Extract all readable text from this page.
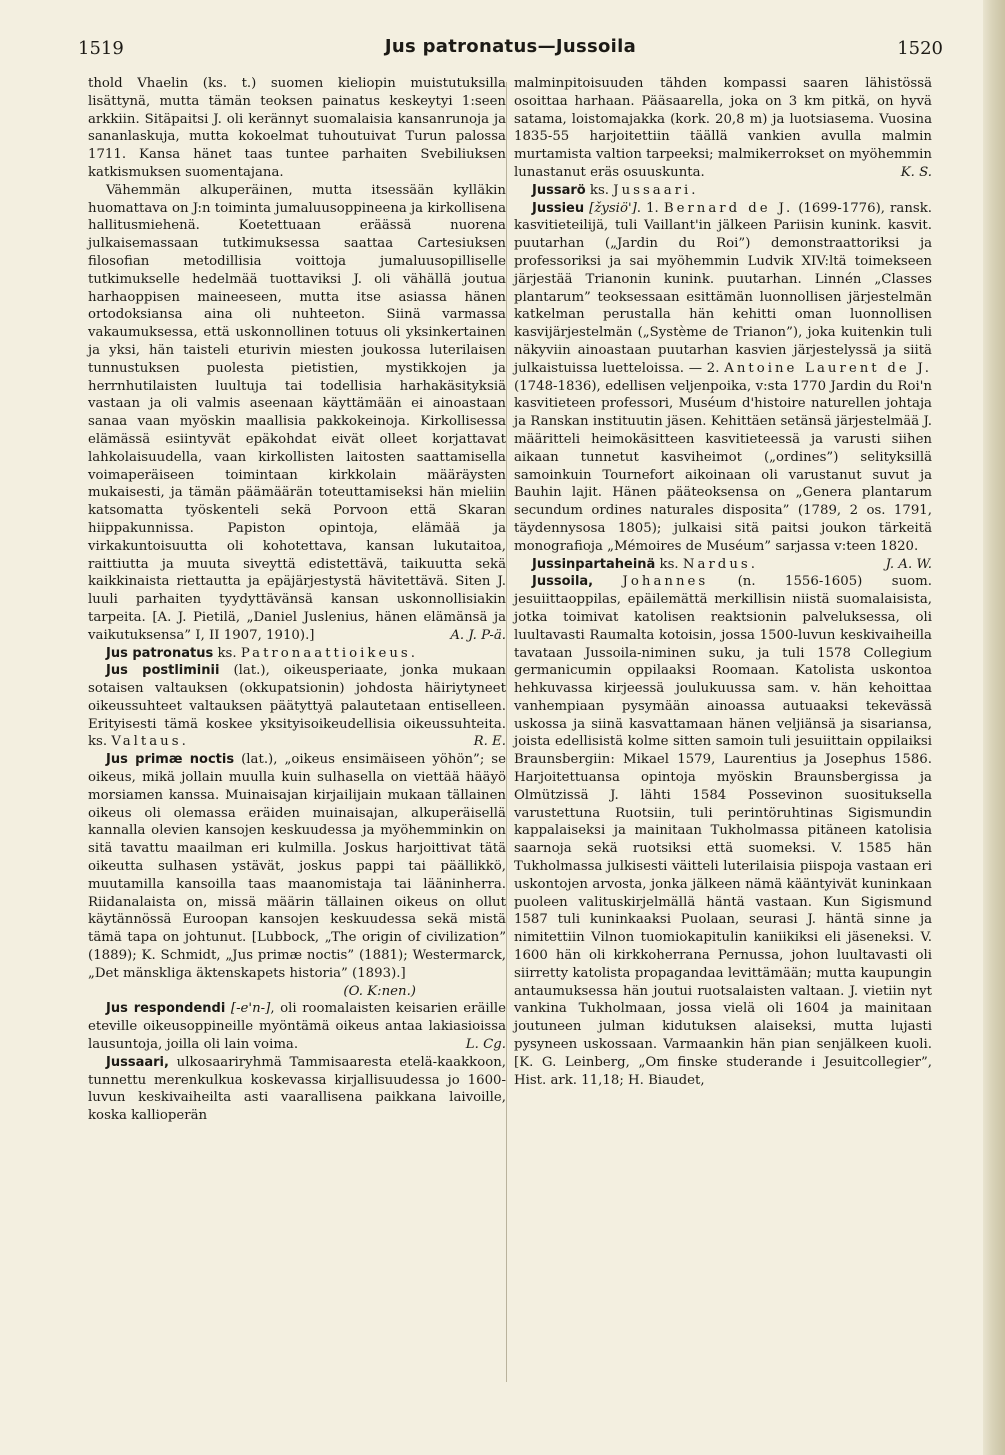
1519	Jus patronatus—Jussoila	1520

thold Vhaelin (ks. t.) suomen kieliopin muistutuksilla lisättynä, mutta tämän teoksen painatus keskeytyi 1:seen arkkiin. Sitäpaitsi J. oli kerännyt suomalaisia kansanrunoja ja sananlaskuja, mutta kokoelmat tuhoutuivat Turun palossa 1711. Kansa hänet taas tuntee parhaiten Svebiliuksen katkismuksen suomentajana.

Vähemmän alkuperäinen, mutta itsessään kylläkin huomattava on J:n toiminta jumaluusoppineena ja kirkollisena hallitusmiehenä. Koetettuaan eräässä nuorena julkaisemassaan tutkimuksessa saattaa Cartesiuksen filosofian metodillisia voittoja jumaluusopilliselle tutkimukselle hedelmää tuottaviksi J. oli vähällä joutua harhaoppisen maineeseen, mutta itse asiassa hänen ortodoksiansa aina oli nuhteeton. Siinä varmassa vakaumuksessa, että uskonnollinen totuus oli yksinkertainen ja yksi, hän taisteli eturivin miesten joukossa luterilaisen tunnustuksen puolesta pietistien, mystikkojen ja herrnhutilaisten luultuja tai todellisia harhakäsityksiä vastaan ja oli valmis aseenaan käyttämään ei ainoastaan sanaa vaan myöskin maallisia pakkokeinoja. Kirkollisessa elämässä esiintyvät epäkohdat eivät olleet korjattavat lahkolaisuudella, vaan kirkollisten laitosten saattamisella voimaperäiseen toimintaan kirkkolain määräysten mukaisesti, ja tämän päämäärän toteuttamiseksi hän mieliin katsomatta työskenteli sekä Porvoon että Skaran hiippakunnissa. Papiston opintoja, elämää ja virkakuntoisuutta oli kohotettava, kansan lukutaitoa, raittiutta ja muuta siveyttä edistettävä, taikuutta sekä kaikkinaista riettautta ja epäjärjestystä hävitettävä. Siten J. luuli parhaiten tyydyttävänsä kansan uskonnollisiakin tarpeita. [A. J. Pietilä, „Daniel Juslenius, hänen elämänsä ja vaikutuksensa” I, II 1907, 1910).]	A. J. P-ä.

Jus patronatus ks. Patronaattioikeus.

Jus postliminii (lat.), oikeusperiaate, jonka mukaan sotaisen valtauksen (okkupatsionin) johdosta häiriytyneet oikeussuhteet valtauksen päätyttyä palautetaan entiselleen. Erityisesti tämä koskee yksityisoikeudellisia oikeussuhteita. ks. Valtaus.	R. E.

Jus primæ noctis (lat.), „oikeus ensimäiseen yöhön”; se oikeus, mikä jollain muulla kuin sulhasella on viettää hääyö morsiamen kanssa. Muinaisajan kirjailijain mukaan tällainen oikeus oli olemassa eräiden muinaisajan, alkuperäisellä kannalla olevien kansojen keskuudessa ja myöhemminkin on sitä tavattu maailman eri kulmilla. Joskus harjoittivat tätä oikeutta sulhasen ystävät, joskus pappi tai päällikkö, muutamilla kansoilla taas maanomistaja tai lääninherra. Riidanalaista on, missä määrin tällainen oikeus on ollut käytännössä Euroopan kansojen keskuudessa sekä mistä tämä tapa on johtunut. [Lubbock, „The origin of civilization” (1889); K. Schmidt, „Jus primæ noctis” (1881); Westermarck, „Det mänskliga äktenskapets historia” (1893).]

(O. K:nen.)

Jus respondendi [-e'n-], oli roomalaisten keisarien eräille eteville oikeusoppineille myöntämä oikeus antaa lakiasioissa lausuntoja, joilla oli lain voima.	L. Cg.

Jussaari, ulkosaariryhmä Tammisaaresta etelä-kaakkoon, tunnettu merenkulkua koskevassa kirjallisuudessa jo 1600-luvun keskivaiheilta asti vaarallisena paikkana laivoille, koska kallioperän

malminpitoisuuden tähden kompassi saaren lähistössä osoittaa harhaan. Pääsaarella, joka on 3 km pitkä, on hyvä satama, loistomajakka (kork. 20,8 m) ja luotsiasema. Vuosina 1835-55 harjoitettiin täällä vankien avulla malmin murtamista valtion tarpeeksi; malmikerrokset on myöhemmin lunastanut eräs osuuskunta.	K. S.

Jussarö ks. Jussaari.

Jussieu [žysiö']. 1. Bernard de J. (1699-1776), ransk. kasvitieteilijä, tuli Vaillant'in jälkeen Pariisin kunink. kasvit. puutarhan („Jardin du Roi”) demonstraattoriksi ja professoriksi ja sai myöhemmin Ludvik XIV:ltä toimekseen järjestää Trianonin kunink. puutarhan. Linnén „Classes plantarum” teoksessaan esittämän luonnollisen järjestelmän katkelman perustalla hän kehitti oman luonnollisen kasvijärjestelmän („Système de Trianon”), joka kuitenkin tuli näkyviin ainoastaan puutarhan kasvien järjestelyssä ja siitä julkaistuissa luetteloissa. — 2. Antoine Laurent de J. (1748-1836), edellisen veljenpoika, v:sta 1770 Jardin du Roi'n kasvitieteen professori, Muséum d'histoire naturellen johtaja ja Ranskan instituutin jäsen. Kehittäen setänsä järjestelmää J. määritteli heimokäsitteen kasvitieteessä ja varusti siihen aikaan tunnetut kasviheimot („ordines”) selityksillä samoinkuin Tournefort aikoinaan oli varustanut suvut ja Bauhin lajit. Hänen pääteoksensa on „Genera plantarum secundum ordines naturales disposita” (1789, 2 os. 1791, täydennysosa 1805); julkaisi sitä paitsi joukon tärkeitä monografioja „Mémoires de Muséum” sarjassa v:teen 1820.
J. A. W.

Jussinpartaheinä ks. Nardus.

Jussoila, Johannes (n. 1556-1605) suom. jesuiittaoppilas, epäilemättä merkillisin niistä suomalaisista, jotka toimivat katolisen reaktsionin palveluksessa, oli luultavasti Raumalta kotoisin, jossa 1500-luvun keskivaiheilla tavataan Jussoila-niminen suku, ja tuli 1578 Collegium germanicumin oppilaaksi Roomaan. Katolista uskontoa hehkuvassa kirjeessä joulukuussa sam. v. hän kehoittaa vanhempiaan pysymään ainoassa autuaaksi tekevässä uskossa ja siinä kasvattamaan hänen veljiänsä ja sisariansa, joista edellisistä kolme sitten samoin tuli jesuiittain oppilaiksi Braunsbergiin: Mikael 1579, Laurentius ja Josephus 1586. Harjoitettuansa opintoja myöskin Braunsbergissa ja Olmützissä J. lähti 1584 Possevinon suosituksella varustettuna Ruotsiin, tuli perintöruhtinas Sigismundin kappalaiseksi ja mainitaan Tukholmassa pitäneen katolisia saarnoja sekä ruotsiksi että suomeksi. V. 1585 hän Tukholmassa julkisesti väitteli luterilaisia piispoja vastaan eri uskontojen arvosta, jonka jälkeen nämä kääntyivät kuninkaan puoleen valituskirjelmällä häntä vastaan. Kun Sigismund 1587 tuli kuninkaaksi Puolaan, seurasi J. häntä sinne ja nimitettiin Vilnon tuomiokapitulin kaniikiksi eli jäseneksi. V. 1600 hän oli kirkkoherrana Pernussa, johon luultavasti oli siirretty katolista propagandaa levittämään; mutta kaupungin antaumuksessa hän joutui ruotsalaisten valtaan. J. vietiin nyt vankina Tukholmaan, jossa vielä oli 1604 ja mainitaan joutuneen julman kidutuksen alaiseksi, mutta lujasti pysyneen uskossaan. Varmaankin hän pian senjälkeen kuoli. [K. G. Leinberg, „Om finske studerande i Jesuitcollegier”, Hist. ark. 11,18; H. Biaudet,
